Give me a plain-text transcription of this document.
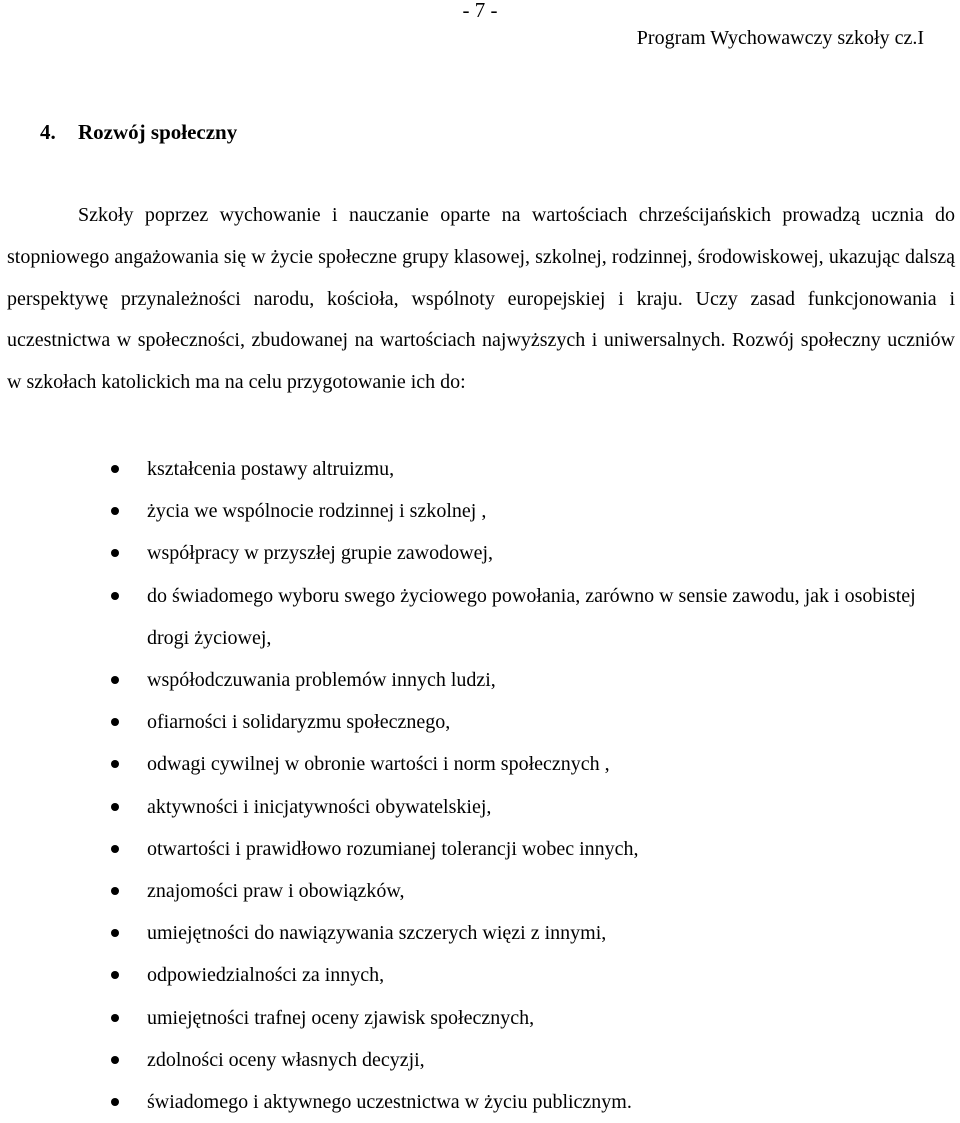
- 7 -
Program Wychowawczy szkoły cz.I
4. Rozwój społeczny

Szkoły poprzez wychowanie i nauczanie oparte na wartościach chrześcijańskich prowadzą ucznia do stopniowego angażowania się w życie społeczne grupy klasowej, szkolnej, rodzinnej, środowiskowej, ukazując dalszą perspektywę przynależności narodu, kościoła, wspólnoty europejskiej i kraju. Uczy zasad funkcjonowania i uczestnictwa w społeczności, zbudowanej na wartościach najwyższych i uniwersalnych. Rozwój społeczny uczniów w szkołach katolickich ma na celu przygotowanie ich do:

kształcenia postawy altruizmu,
życia we wspólnocie rodzinnej i szkolnej ,
współpracy w przyszłej grupie zawodowej,
do świadomego wyboru swego życiowego powołania, zarówno w sensie zawodu, jak i osobistej drogi życiowej,
współodczuwania problemów innych ludzi,
ofiarności i solidaryzmu społecznego,
odwagi cywilnej w obronie wartości i norm społecznych ,
aktywności i inicjatywności obywatelskiej,
otwartości i prawidłowo rozumianej tolerancji wobec innych,
znajomości praw i obowiązków,
umiejętności do nawiązywania szczerych więzi z innymi,
odpowiedzialności za innych,
umiejętności trafnej oceny zjawisk społecznych,
zdolności oceny własnych decyzji,
świadomego i aktywnego uczestnictwa w życiu publicznym.
